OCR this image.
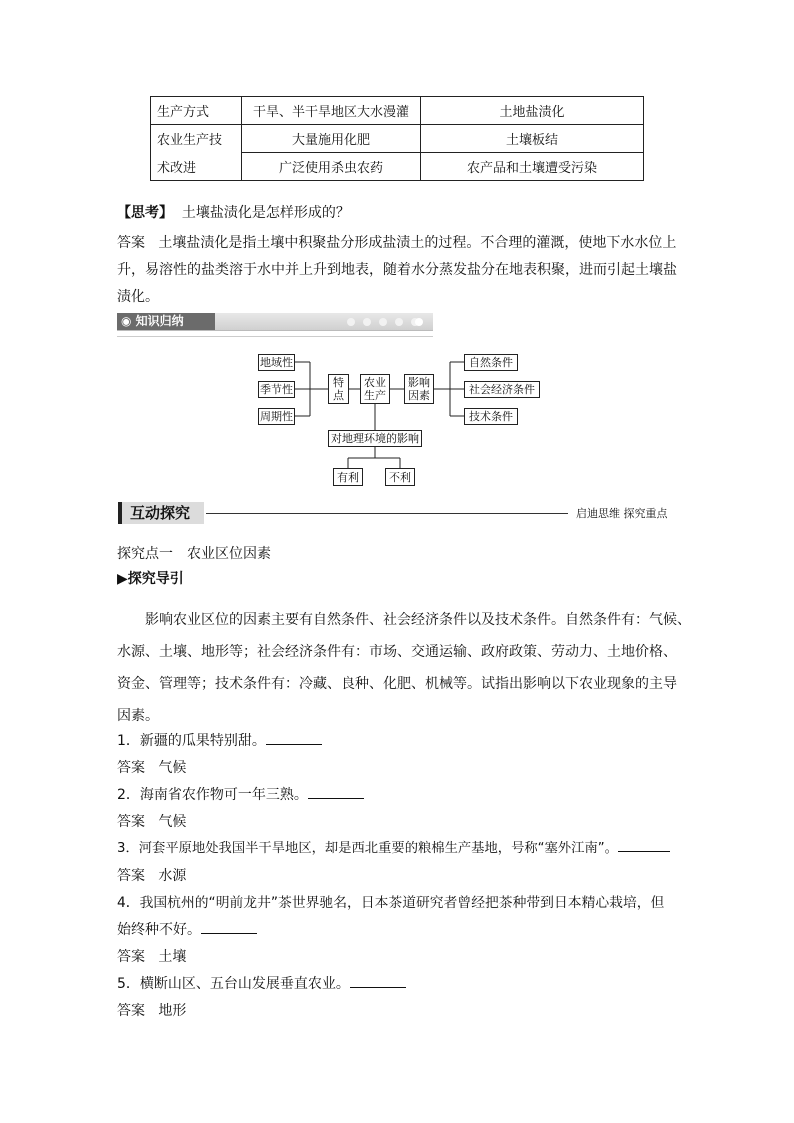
生产方式	干旱、半干旱地区大水漫灌	土地盐渍化
农业生产技	大量施用化肥	土壤板结
术改进	广泛使用杀虫农药	农产品和土壤遭受污染
【思考】 土壤盐渍化是怎样形成的？
答案 土壤盐渍化是指土壤中积聚盐分形成盐渍土的过程。不合理的灌溉，使地下水水位上
升，易溶性的盐类溶于水中并上升到地表，随着水分蒸发盐分在地表积聚，进而引起土壤盐
渍化。
◉ 知识归纳
地域性
季节性
周期性
特点
农业生产
影响因素
自然条件
社会经济条件
技术条件
对地理环境的影响
有利	不利
互动探究	启迪思维 探究重点
探究点一　农业区位因素
▶探究导引
影响农业区位的因素主要有自然条件、社会经济条件以及技术条件。自然条件有：气候、
水源、土壤、地形等；社会经济条件有：市场、交通运输、政府政策、劳动力、土地价格、
资金、管理等；技术条件有：冷藏、良种、化肥、机械等。试指出影响以下农业现象的主导
因素。
1．新疆的瓜果特别甜。
答案 气候
2．海南省农作物可一年三熟。
答案 气候
3．河套平原地处我国半干旱地区，却是西北重要的粮棉生产基地，号称“塞外江南”。
答案 水源
4．我国杭州的“明前龙井”茶世界驰名，日本茶道研究者曾经把茶种带到日本精心栽培，但
始终种不好。
答案 土壤
5．横断山区、五台山发展垂直农业。
答案 地形
